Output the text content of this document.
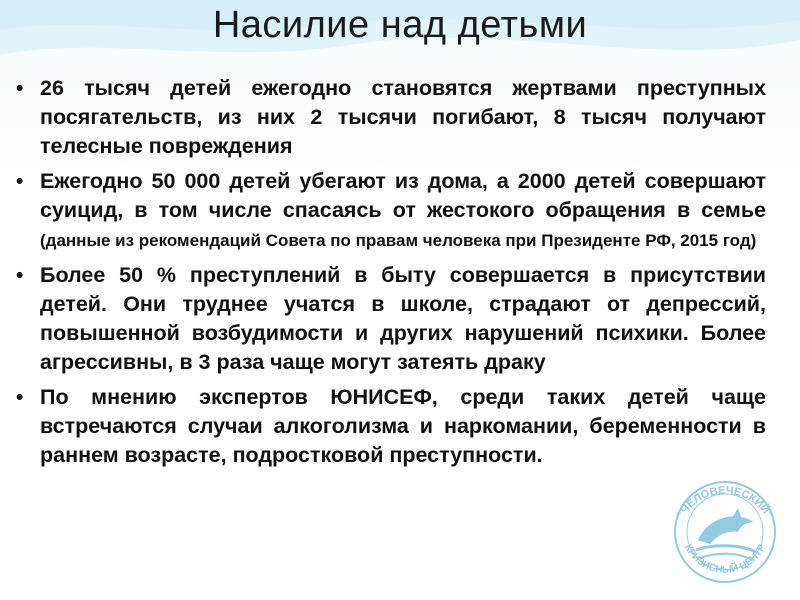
Насилие над детьми
• 26 тысяч детей ежегодно становятся жертвами преступных посягательств, из них 2 тысячи погибают, 8 тысяч получают телесные повреждения
• Ежегодно 50 000 детей убегают из дома, а 2000 детей совершают суицид, в том числе спасаясь от жестокого обращения в семье (данные из рекомендаций Совета по правам человека при Президенте РФ, 2015 год)
• Более 50 % преступлений в быту совершается в присутствии детей. Они труднее учатся в школе, страдают от депрессий, повышенной возбудимости и других нарушений психики. Более агрессивны, в 3 раза чаще могут затеять драку
• По мнению экспертов ЮНИСЕФ, среди таких детей чаще встречаются случаи алкоголизма и наркомании, беременности в раннем возрасте, подростковой преступности.
"ЧЕЛОВЕЧЕСКИЙ"
КРИЗИСНЫЙ ЦЕНТР
